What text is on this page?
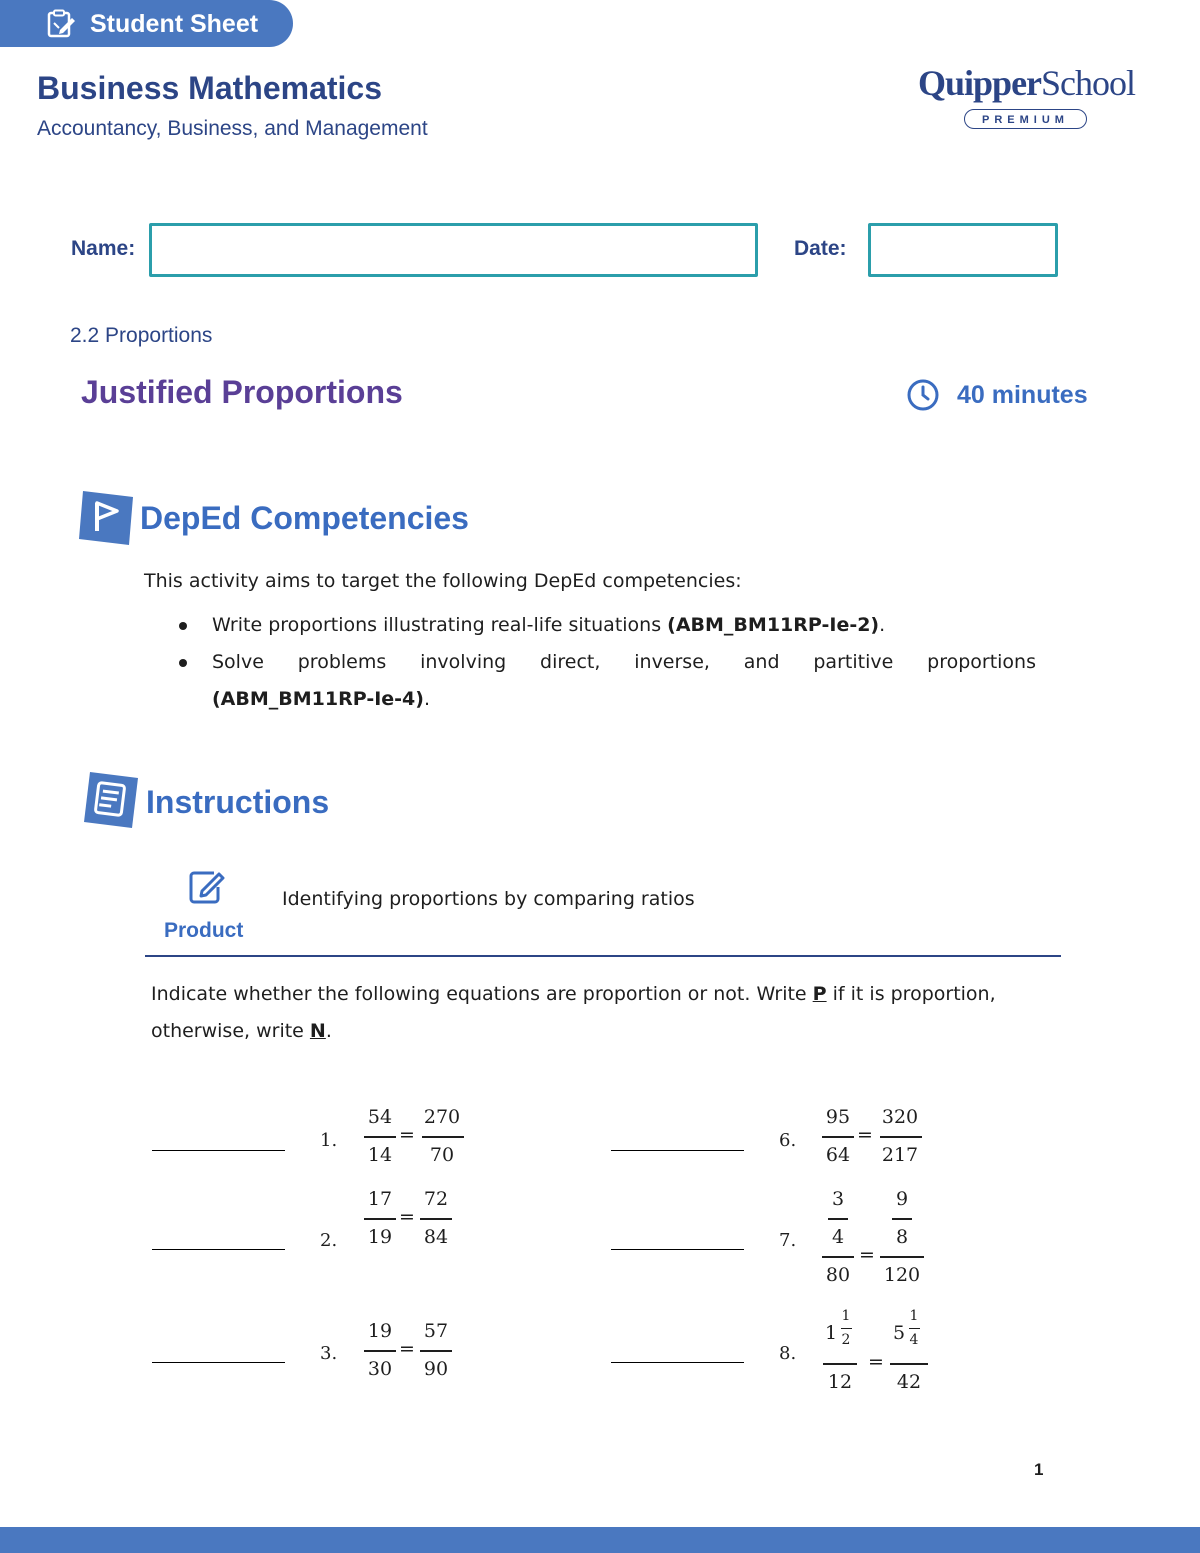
Student Sheet
Business Mathematics
Accountancy, Business, and Management
QuipperSchool
PREMIUM
Name:	Date:
2.2 Proportions
Justified Proportions	40 minutes
DepEd Competencies
This activity aims to target the following DepEd competencies:
Write proportions illustrating real-life situations (ABM_BM11RP-Ie-2).
Solve problems involving direct, inverse, and partitive proportions
(ABM_BM11RP-Ie-4).
Instructions
Product
Identifying proportions by comparing ratios
Indicate whether the following equations are proportion or not. Write P if it is proportion, otherwise, write N.
1.
54
14
=
270
70
2.
17
19
=
72
84
3.
19
30
=
57
90
6.
95
64
=
320
217
7.
3
4
80
=
9
8
120
8.
1
1
2
12
=
5
1
4
42
1
